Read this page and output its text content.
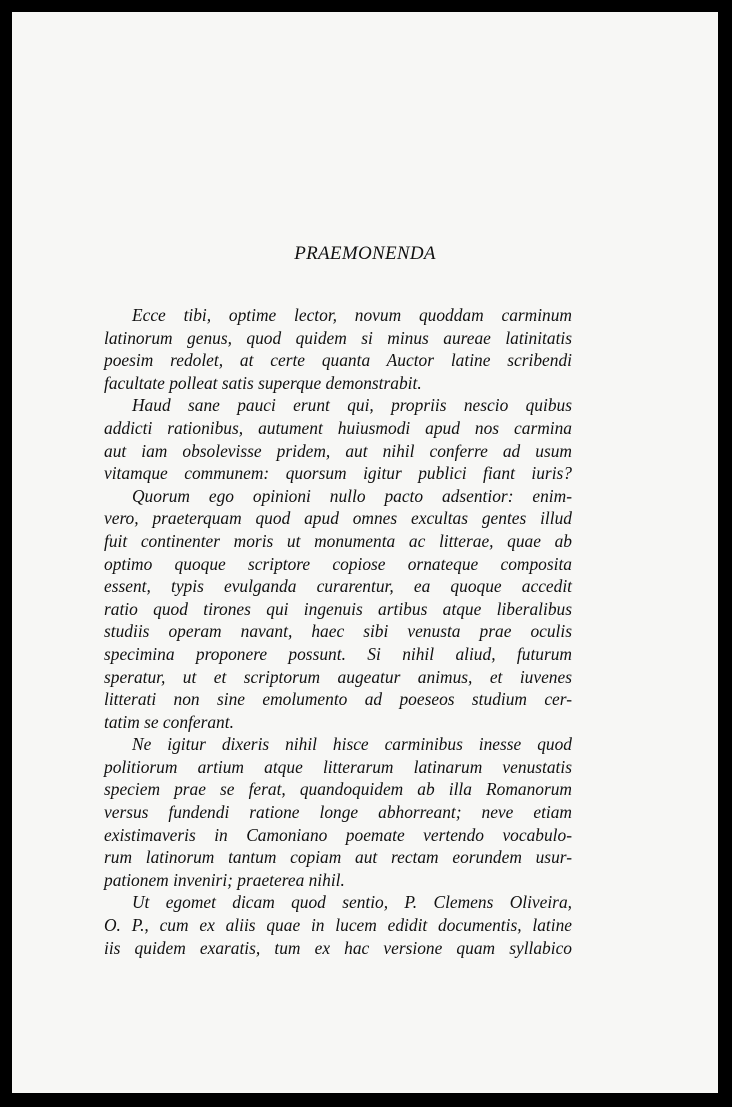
PRAEMONENDA
Ecce tibi, optime lector, novum quoddam carminum
latinorum genus, quod quidem si minus aureae latinitatis
poesim redolet, at certe quanta Auctor latine scribendi
facultate polleat satis superque demonstrabit.
Haud sane pauci erunt qui, propriis nescio quibus
addicti rationibus, autument huiusmodi apud nos carmina
aut iam obsolevisse pridem, aut nihil conferre ad usum
vitamque communem: quorsum igitur publici fiant iuris?
Quorum ego opinioni nullo pacto adsentior: enim-
vero, praeterquam quod apud omnes excultas gentes illud
fuit continenter moris ut monumenta ac litterae, quae ab
optimo quoque scriptore copiose ornateque composita
essent, typis evulganda curarentur, ea quoque accedit
ratio quod tirones qui ingenuis artibus atque liberalibus
studiis operam navant, haec sibi venusta prae oculis
specimina proponere possunt. Si nihil aliud, futurum
speratur, ut et scriptorum augeatur animus, et iuvenes
litterati non sine emolumento ad poeseos studium cer-
tatim se conferant.
Ne igitur dixeris nihil hisce carminibus inesse quod
politiorum artium atque litterarum latinarum venustatis
speciem prae se ferat, quandoquidem ab illa Romanorum
versus fundendi ratione longe abhorreant; neve etiam
existimaveris in Camoniano poemate vertendo vocabulo-
rum latinorum tantum copiam aut rectam eorundem usur-
pationem inveniri; praeterea nihil.
Ut egomet dicam quod sentio, P. Clemens Oliveira,
O. P., cum ex aliis quae in lucem edidit documentis, latine
iis quidem exaratis, tum ex hac versione quam syllabico
